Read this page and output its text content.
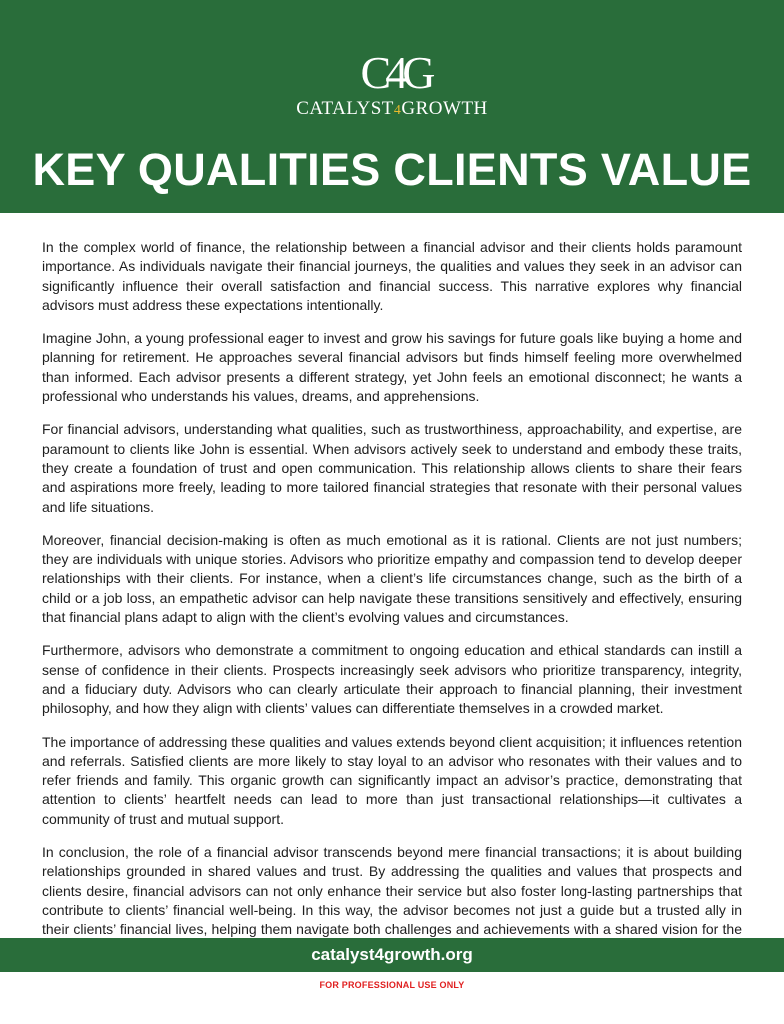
C4G
CATALYST4GROWTH
KEY QUALITIES CLIENTS VALUE

In the complex world of finance, the relationship between a financial advisor and their clients holds paramount importance. As individuals navigate their financial journeys, the qualities and values they seek in an advisor can significantly influence their overall satisfaction and financial success. This narrative explores why financial advisors must address these expectations intentionally.

Imagine John, a young professional eager to invest and grow his savings for future goals like buying a home and planning for retirement. He approaches several financial advisors but finds himself feeling more overwhelmed than informed. Each advisor presents a different strategy, yet John feels an emotional disconnect; he wants a professional who understands his values, dreams, and apprehensions.

For financial advisors, understanding what qualities, such as trustworthiness, approachability, and expertise, are paramount to clients like John is essential. When advisors actively seek to understand and embody these traits, they create a foundation of trust and open communication. This relationship allows clients to share their fears and aspirations more freely, leading to more tailored financial strategies that resonate with their personal values and life situations.

Moreover, financial decision-making is often as much emotional as it is rational. Clients are not just numbers; they are individuals with unique stories. Advisors who prioritize empathy and compassion tend to develop deeper relationships with their clients. For instance, when a client’s life circumstances change, such as the birth of a child or a job loss, an empathetic advisor can help navigate these transitions sensitively and effectively, ensuring that financial plans adapt to align with the client’s evolving values and circumstances.

Furthermore, advisors who demonstrate a commitment to ongoing education and ethical standards can instill a sense of confidence in their clients. Prospects increasingly seek advisors who prioritize transparency, integrity, and a fiduciary duty. Advisors who can clearly articulate their approach to financial planning, their investment philosophy, and how they align with clients’ values can differentiate themselves in a crowded market.

The importance of addressing these qualities and values extends beyond client acquisition; it influences retention and referrals. Satisfied clients are more likely to stay loyal to an advisor who resonates with their values and to refer friends and family. This organic growth can significantly impact an advisor’s practice, demonstrating that attention to clients’ heartfelt needs can lead to more than just transactional relationships—it cultivates a community of trust and mutual support.

In conclusion, the role of a financial advisor transcends beyond mere financial transactions; it is about building relationships grounded in shared values and trust. By addressing the qualities and values that prospects and clients desire, financial advisors can not only enhance their service but also foster long-lasting partnerships that contribute to clients’ financial well-being. In this way, the advisor becomes not just a guide but a trusted ally in their clients’ financial lives, helping them navigate both challenges and achievements with a shared vision for the

catalyst4growth.org
FOR PROFESSIONAL USE ONLY
